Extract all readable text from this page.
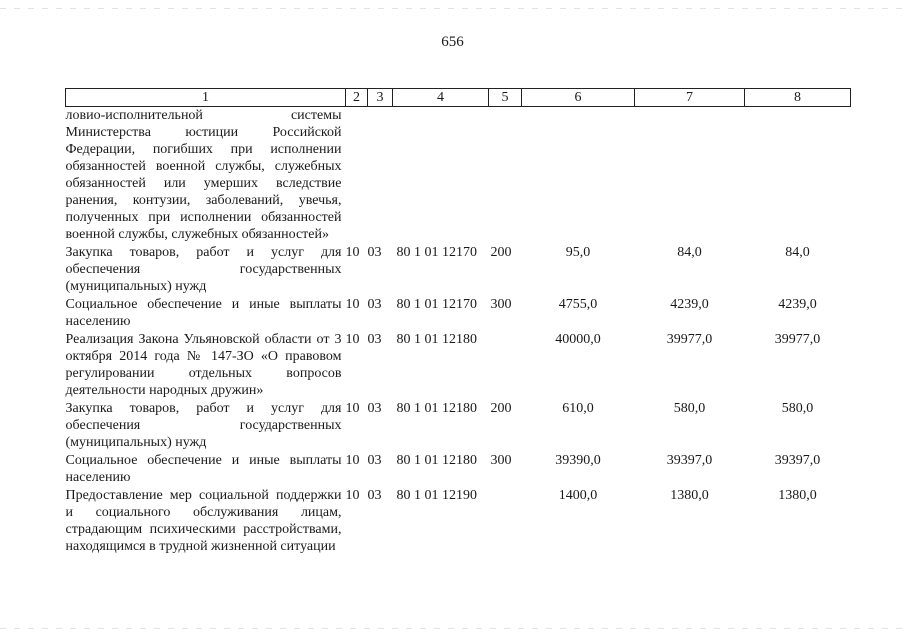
656
1	2	3	4	5	6	7	8
ловио-исполнительной системы Министерства юстиции Российской Федерации, погибших при исполнении обязанностей военной службы, служебных обязанностей или умерших вследствие ранения, контузии, заболеваний, увечья, полученных при исполнении обязанностей военной службы, служебных обязанностей»							
Закупка товаров, работ и услуг для обеспечения государственных (муниципальных) нужд	10	03	80 1 01 12170	200	95,0	84,0	84,0
Социальное обеспечение и иные выплаты населению	10	03	80 1 01 12170	300	4755,0	4239,0	4239,0
Реализация Закона Ульяновской области от 3 октября 2014 года № 147-ЗО «О правовом регулировании отдельных вопросов деятельности народных дружин»	10	03	80 1 01 12180		40000,0	39977,0	39977,0
Закупка товаров, работ и услуг для обеспечения государственных (муниципальных) нужд	10	03	80 1 01 12180	200	610,0	580,0	580,0
Социальное обеспечение и иные выплаты населению	10	03	80 1 01 12180	300	39390,0	39397,0	39397,0
Предоставление мер социальной поддержки и социального обслуживания лицам, страдающим психическими расстройствами, находящимся в трудной жизненной ситуации	10	03	80 1 01 12190		1400,0	1380,0	1380,0
